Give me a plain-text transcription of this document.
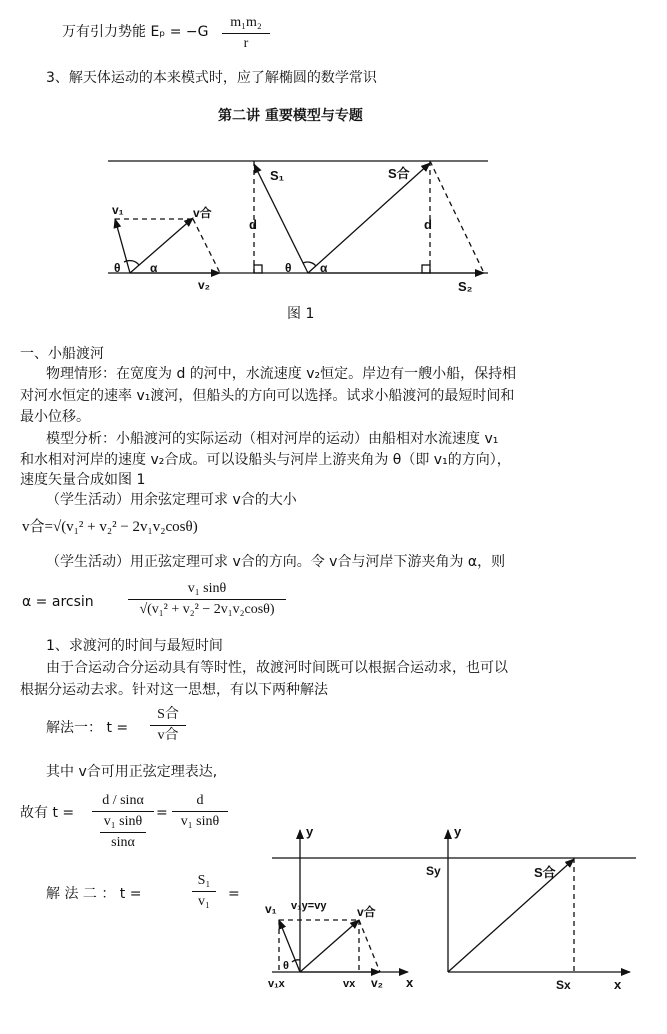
万有引力势能 Eₚ = −G
m₁m₂
r
3、解天体运动的本来模式时，应了解椭圆的数学常识
第二讲 重要模型与专题
v₁	v合
θ α
v₂
S₁
d
θ α
S合
d
S₂
图 1
一、小船渡河
物理情形：在宽度为 d 的河中，水流速度 v₂恒定。岸边有一艘小船，保持相
对河水恒定的速率 v₁渡河，但船头的方向可以选择。试求小船渡河的最短时间和
最小位移。
模型分析：小船渡河的实际运动（相对河岸的运动）由船相对水流速度 v₁
和水相对河岸的速度 v₂合成。可以设船头与河岸上游夹角为 θ（即 v₁的方向），
速度矢量合成如图 1
（学生活动）用余弦定理可求 v合的大小
v合=√(v₁² + v₂² − 2v₁v₂cosθ)
（学生活动）用正弦定理可求 v合的方向。令 v合与河岸下游夹角为 α，则
α = arcsin
v₁ sinθ
√(v₁² + v₂² − 2v₁v₂cosθ)
1、求渡河的时间与最短时间
由于合运动合分运动具有等时性，故渡河时间既可以根据合运动求，也可以
根据分运动去求。针对这一思想，有以下两种解法
解法一： t =
S合
v合
其中 v合可用正弦定理表达,
故有 t =
d / sinα
v₁ sinθ
sinα
=
d
v₁ sinθ
解 法 二 ： t =
S₁
v₁	=
y
v₁ v₁y=vy	v合
θ
v₁x	vx v₂ x
y
Sy	S合
Sx	x
